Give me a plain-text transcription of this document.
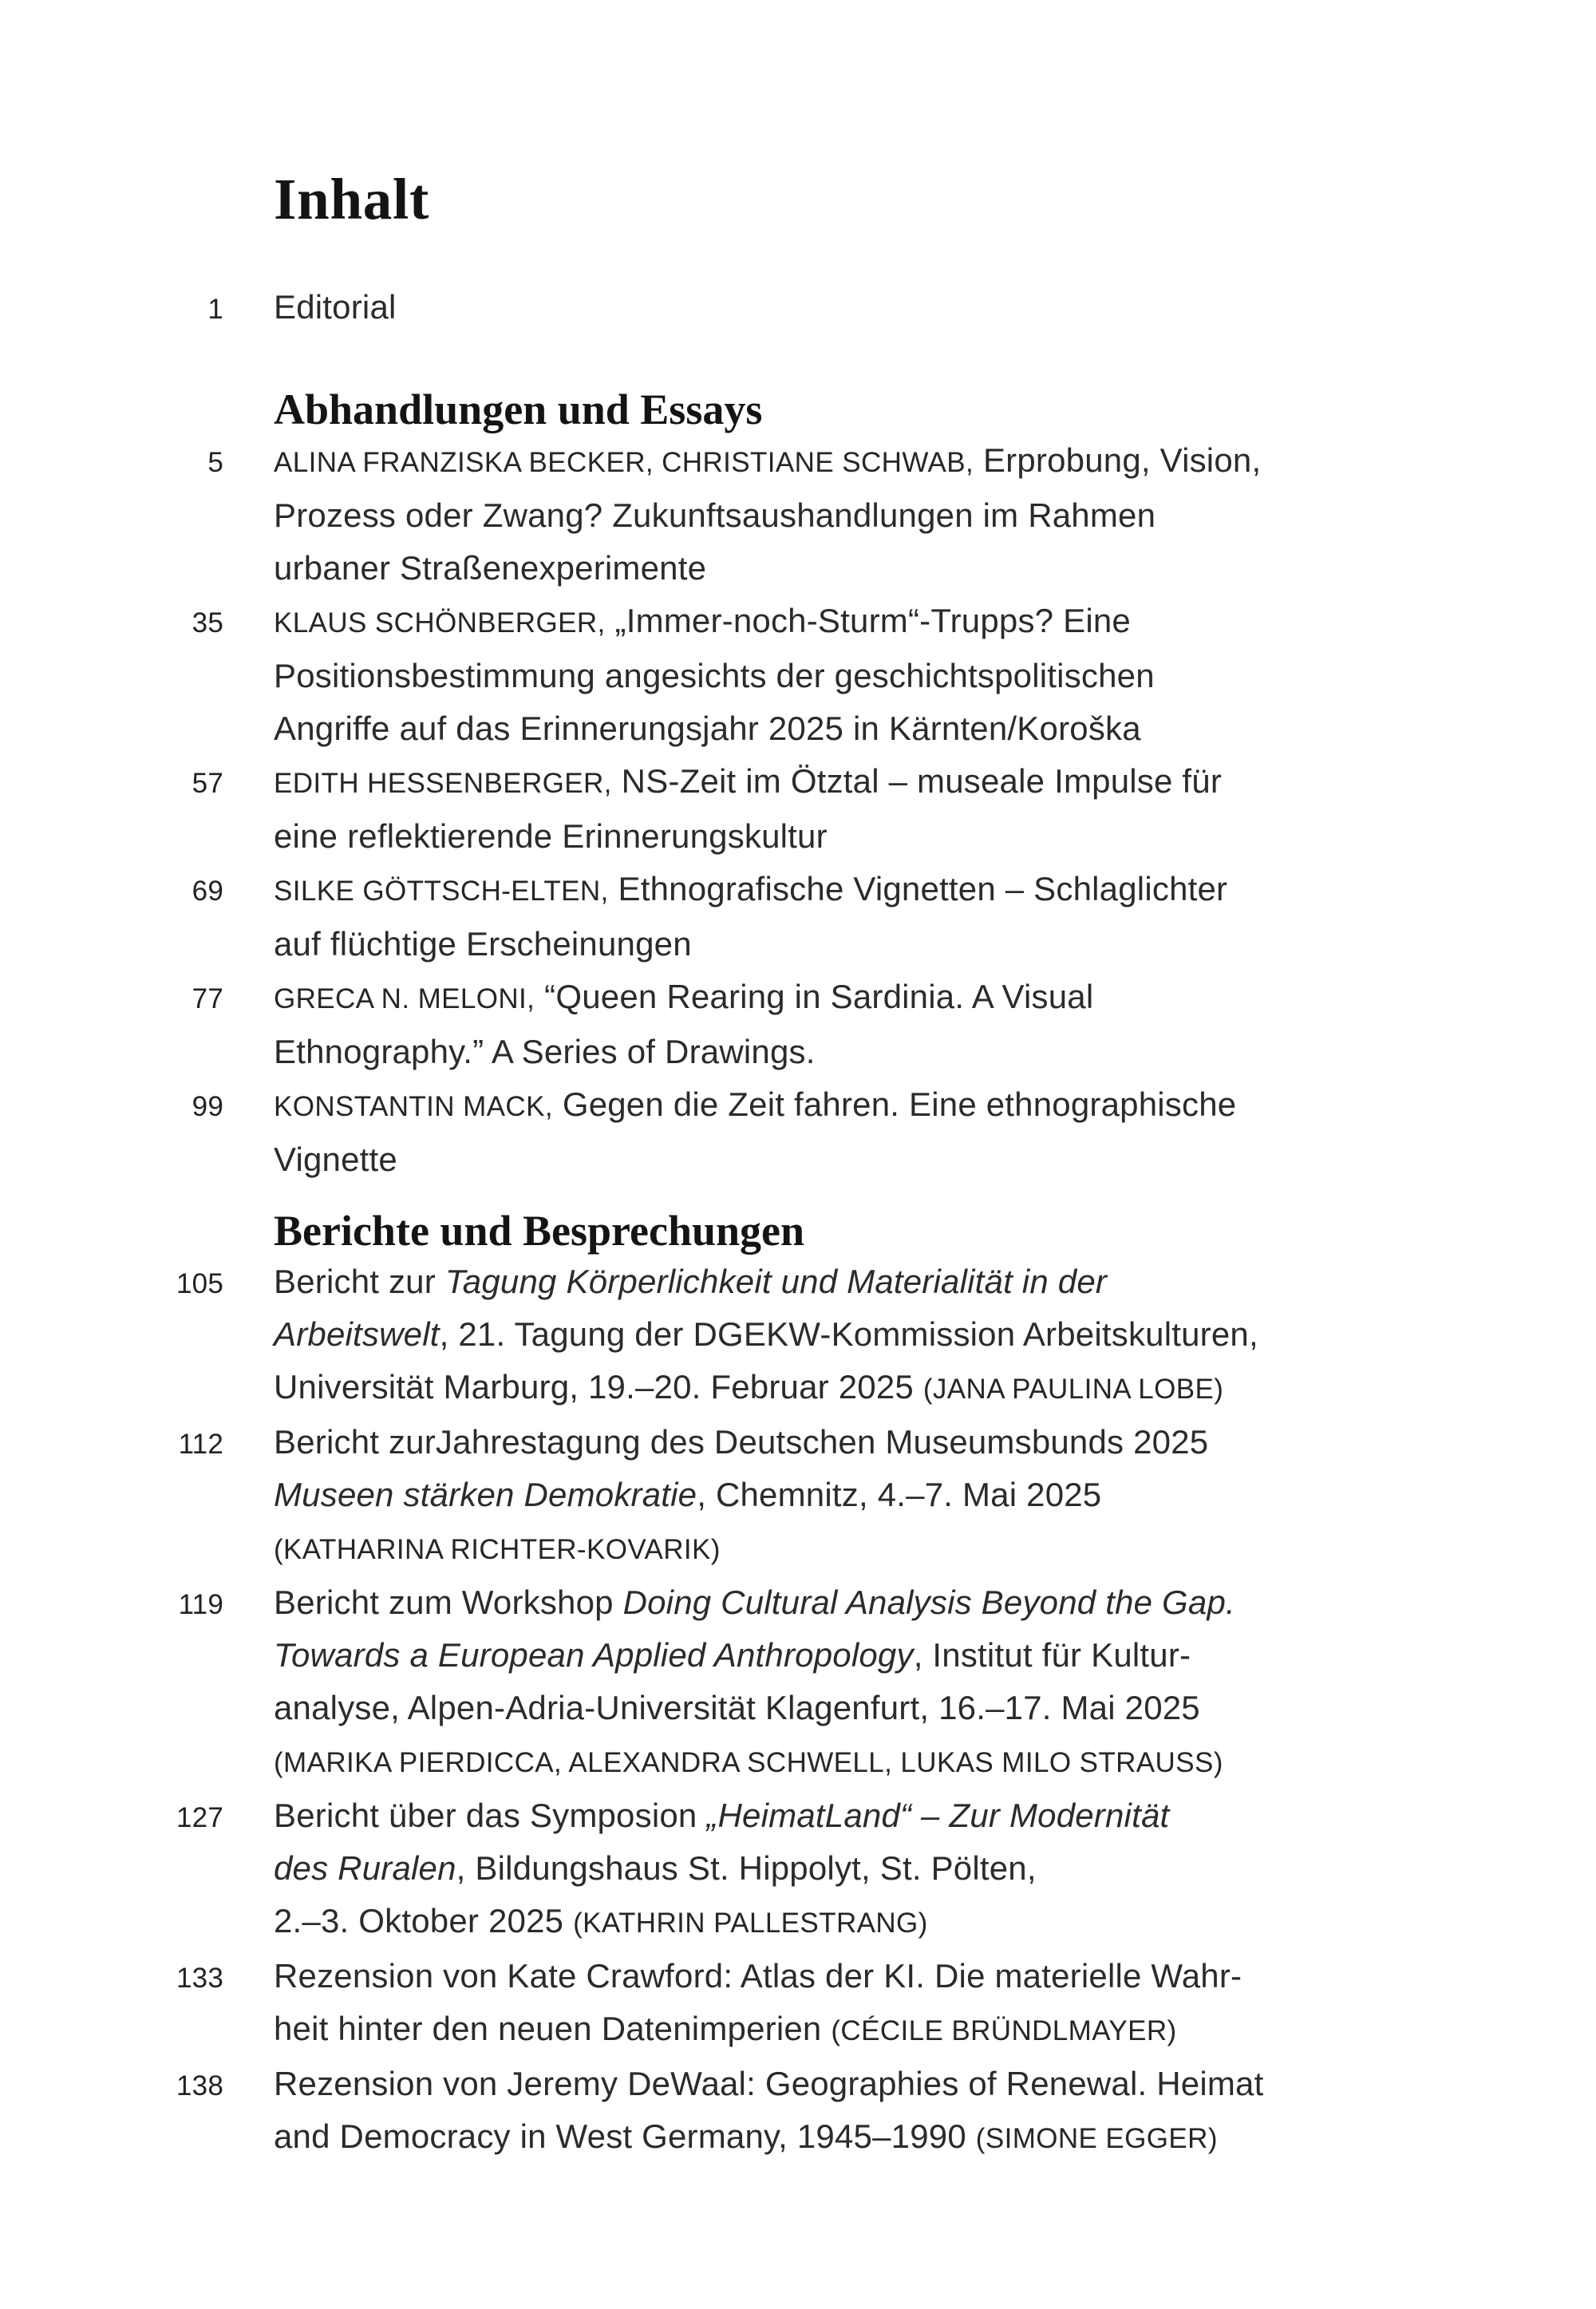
Inhalt
1 Editorial
Abhandlungen und Essays
5 ALINA FRANZISKA BECKER, CHRISTIANE SCHWAB, Erprobung, Vision,
Prozess oder Zwang? Zukunftsaushandlungen im Rahmen
urbaner Straßenexperimente
35 KLAUS SCHÖNBERGER, „Immer-noch-Sturm“-Trupps? Eine
Positionsbestimmung angesichts der geschichtspolitischen
Angriffe auf das Erinnerungsjahr 2025 in Kärnten/Koroška
57 EDITH HESSENBERGER, NS-Zeit im Ötztal – museale Impulse für
eine reflektierende Erinnerungskultur
69 SILKE GÖTTSCH-ELTEN, Ethnografische Vignetten – Schlaglichter
auf flüchtige Erscheinungen
77 GRECA N. MELONI, “Queen Rearing in Sardinia. A Visual
Ethnography.” A Series of Drawings.
99 KONSTANTIN MACK, Gegen die Zeit fahren. Eine ethnographische
Vignette
Berichte und Besprechungen
105 Bericht zur Tagung Körperlichkeit und Materialität in der
Arbeitswelt, 21. Tagung der DGEKW-Kommission Arbeitskulturen,
Universität Marburg, 19.–20. Februar 2025 (JANA PAULINA LOBE)
112 Bericht zurJahrestagung des Deutschen Museumsbunds 2025
Museen stärken Demokratie, Chemnitz, 4.–7. Mai 2025
(KATHARINA RICHTER-KOVARIK)
119 Bericht zum Workshop Doing Cultural Analysis Beyond the Gap.
Towards a European Applied Anthropology, Institut für Kultur-
analyse, Alpen-Adria-Universität Klagenfurt, 16.–17. Mai 2025
(MARIKA PIERDICCA, ALEXANDRA SCHWELL, LUKAS MILO STRAUSS)
127 Bericht über das Symposion „HeimatLand“ – Zur Modernität
des Ruralen, Bildungshaus St. Hippolyt, St. Pölten,
2.–3. Oktober 2025 (KATHRIN PALLESTRANG)
133 Rezension von Kate Crawford: Atlas der KI. Die materielle Wahr-
heit hinter den neuen Datenimperien (CÉCILE BRÜNDLMAYER)
138 Rezension von Jeremy DeWaal: Geographies of Renewal. Heimat
and Democracy in West Germany, 1945–1990 (SIMONE EGGER)
